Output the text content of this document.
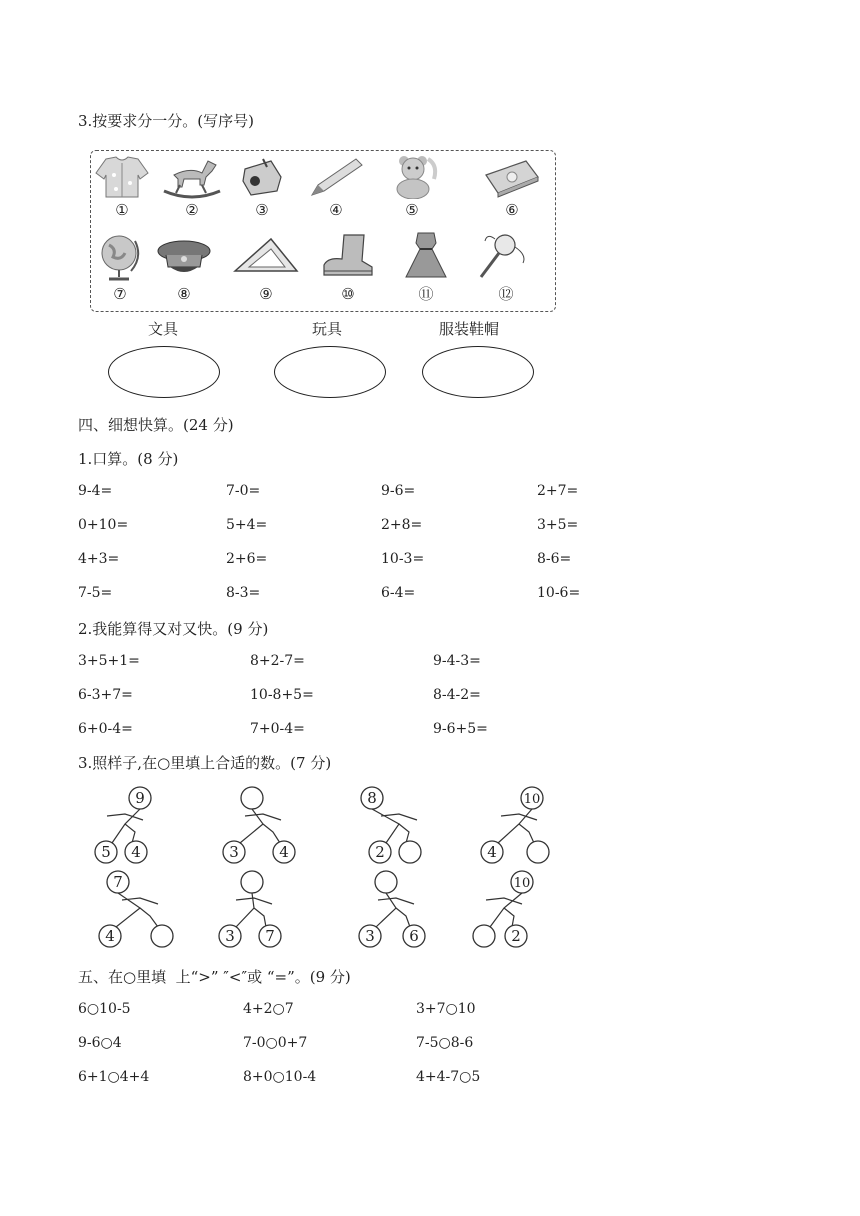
3.按要求分一分。(写序号)
①	②	③	④	⑤	⑥
⑦	⑧	⑨	⑩	⑪	⑫
文具	玩具	服装鞋帽
四、细想快算。(24 分)
1.口算。(8 分)
9-4=	7-0=	9-6=	2+7=
0+10=	5+4=	2+8=	3+5=
4+3=	2+6=	10-3=	8-6=
7-5=	8-3=	6-4=	10-6=
2.我能算得又对又快。(9 分)
3+5+1=	8+2-7=	9-4-3=
6-3+7=	10-8+5=	8-4-2=
6+0-4=	7+0-4=	9-6+5=
3.照样子,在○里填上合适的数。(7 分)
9
5 4	3	4
8
2
10
4
7
4	3 7	3 6
10
2
五、在○里填  上“>” ″<″或 “=”。(9 分)
6○10-5	4+2○7	3+7○10
9-6○4	7-0○0+7	7-5○8-6
6+1○4+4	8+0○10-4	4+4-7○5
